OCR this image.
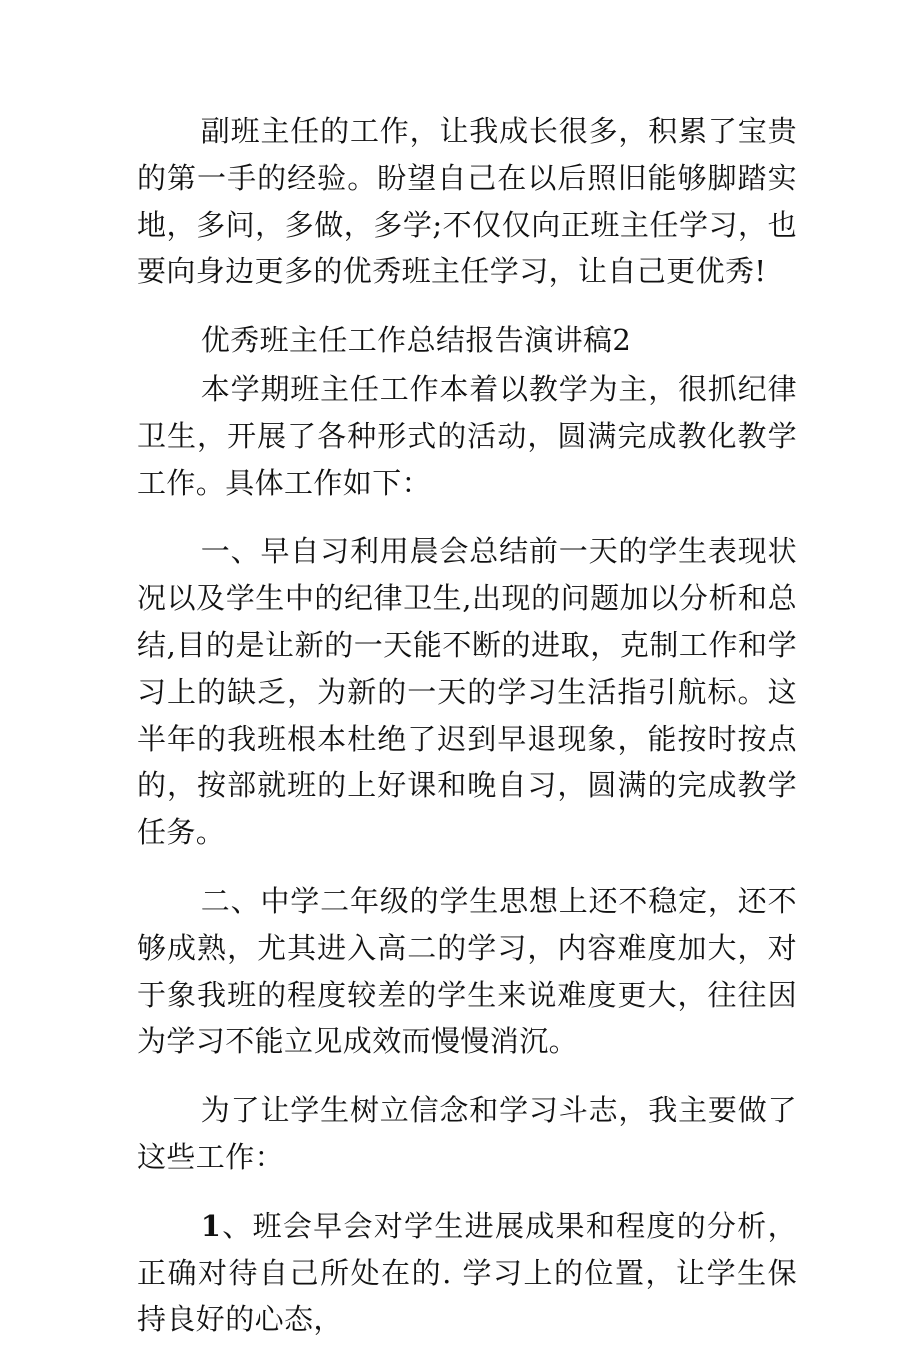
副班主任的工作，让我成长很多，积累了宝贵的第一手的经验。盼望自己在以后照旧能够脚踏实地，多问，多做，多学;不仅仅向正班主任学习，也要向身边更多的优秀班主任学习，让自己更优秀!

优秀班主任工作总结报告演讲稿2

本学期班主任工作本着以教学为主，很抓纪律卫生，开展了各种形式的活动，圆满完成教化教学工作。具体工作如下：

一、早自习利用晨会总结前一天的学生表现状况以及学生中的纪律卫生,出现的问题加以分析和总结,目的是让新的一天能不断的进取，克制工作和学习上的缺乏，为新的一天的学习生活指引航标。这半年的我班根本杜绝了迟到早退现象，能按时按点的，按部就班的上好课和晚自习，圆满的完成教学任务。

二、中学二年级的学生思想上还不稳定，还不够成熟，尤其进入高二的学习，内容难度加大，对于象我班的程度较差的学生来说难度更大，往往因为学习不能立见成效而慢慢消沉。

为了让学生树立信念和学习斗志，我主要做了这些工作：

1、班会早会对学生进展成果和程度的分析，正确对待自己所处在的. 学习上的位置，让学生保持良好的心态，
